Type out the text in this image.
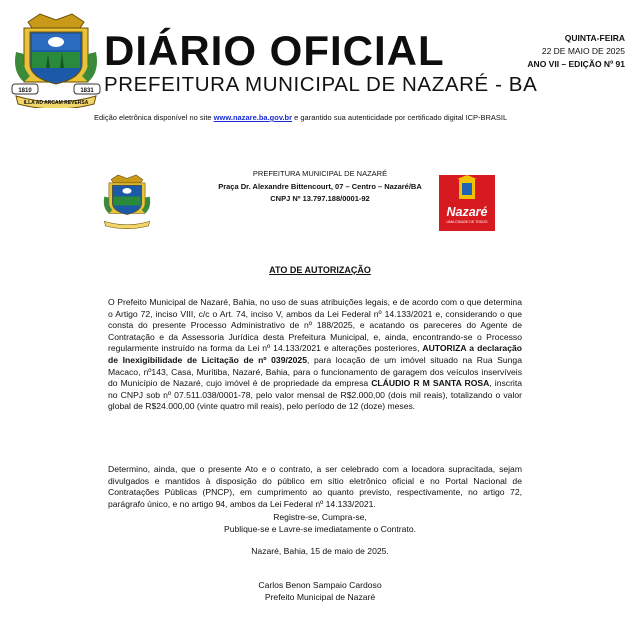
1810	1831
ILLA AD ARCAM REVERSA
DIÁRIO OFICIAL
PREFEITURA MUNICIPAL DE NAZARÉ - BA
QUINTA-FEIRA
22 DE MAIO DE 2025
ANO VII – EDIÇÃO Nº 91
Edição eletrônica disponível no site www.nazare.ba.gov.br e garantido sua autenticidade por certificado digital ICP-BRASIL
PREFEITURA MUNICIPAL DE NAZARÉ
Praça Dr. Alexandre Bittencourt, 07 – Centro – Nazaré/BA
CNPJ Nº 13.797.188/0001-92
Nazaré
UMA CIDADE DE TODOS
ATO DE AUTORIZAÇÃO
O Prefeito Municipal de Nazaré, Bahia, no uso de suas atribuições legais, e de acordo com o que determina o Artigo 72, inciso VIII, c/c o Art. 74, inciso V, ambos da Lei Federal nº 14.133/2021 e, considerando o que consta do presente Processo Administrativo de nº 188/2025, e acatando os pareceres do Agente de Contratação e da Assessoria Jurídica desta Prefeitura Municipal, e, ainda, encontrando-se o Processo regularmente instruído na forma da Lei nº 14.133/2021 e alterações posteriores, AUTORIZA a declaração de Inexigibilidade de Licitação de nº 039/2025, para locação de um imóvel situado na Rua Sunga Macaco, nº143, Casa, Muritiba, Nazaré, Bahia, para o funcionamento de garagem dos veículos inservíveis do Município de Nazaré, cujo imóvel é de propriedade da empresa CLÁUDIO R M SANTA ROSA, inscrita no CNPJ sob nº 07.511.038/0001-78, pelo valor mensal de R$2.000,00 (dois mil reais), totalizando o valor global de R$24.000,00 (vinte quatro mil reais), pelo período de 12 (doze) meses.
Determino, ainda, que o presente Ato e o contrato, a ser celebrado com a locadora supracitada, sejam divulgados e mantidos à disposição do público em sítio eletrônico oficial e no Portal Nacional de Contratações Públicas (PNCP), em cumprimento ao quanto previsto, respectivamente, no artigo 72, parágrafo único, e no artigo 94, ambos da Lei Federal nº 14.133/2021.
Registre-se, Cumpra-se,
Publique-se e Lavre-se imediatamente o Contrato.
Nazaré, Bahia, 15 de maio de 2025.
Carlos Benon Sampaio Cardoso
Prefeito Municipal de Nazaré
